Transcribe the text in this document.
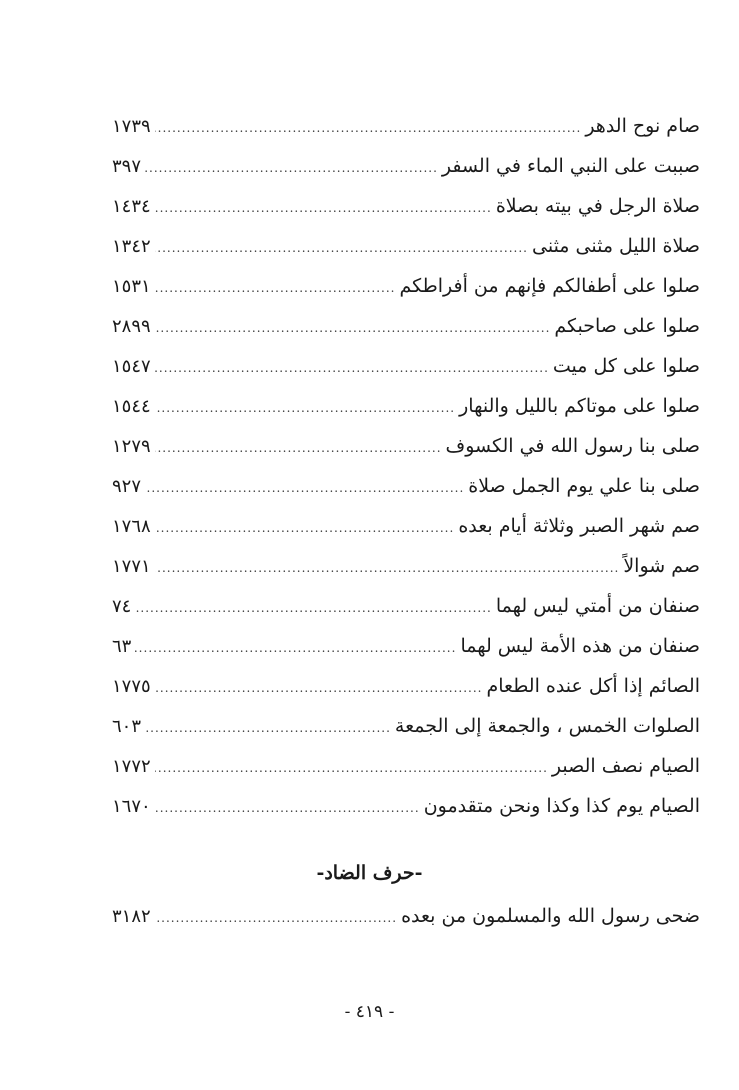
صام نوح الدهر
.....
١٧٣٩
صببت على النبي الماء في السفر
.....
٣٩٧
صلاة الرجل في بيته بصلاة
.....
١٤٣٤
صلاة الليل مثنى مثنى
.....
١٣٤٢
صلوا على أطفالكم فإنهم من أفراطكم
.....
١٥٣١
صلوا على صاحبكم
.....
٢٨٩٩
صلوا على كل ميت
.....
١٥٤٧
صلوا على موتاكم بالليل والنهار
.....
١٥٤٤
صلى بنا رسول الله في الكسوف
.....
١٢٧٩
صلى بنا علي يوم الجمل صلاة
.....
٩٢٧
صم شهر الصبر وثلاثة أيام بعده
.....
١٧٦٨
صم شوالاً
.....
١٧٧١
صنفان من أمتي ليس لهما
.....
٧٤
صنفان من هذه الأمة ليس لهما
.....
٦٣
الصائم إذا أكل عنده الطعام
.....
١٧٧٥
الصلوات الخمس ، والجمعة إلى الجمعة
.....
٦٠٣
الصيام نصف الصبر
.....
١٧٧٢
الصيام يوم كذا وكذا ونحن متقدمون
.....
١٦٧٠
-حرف الضاد-
ضحى رسول الله والمسلمون من بعده
.....
٣١٨٢
- ٤١٩ -
